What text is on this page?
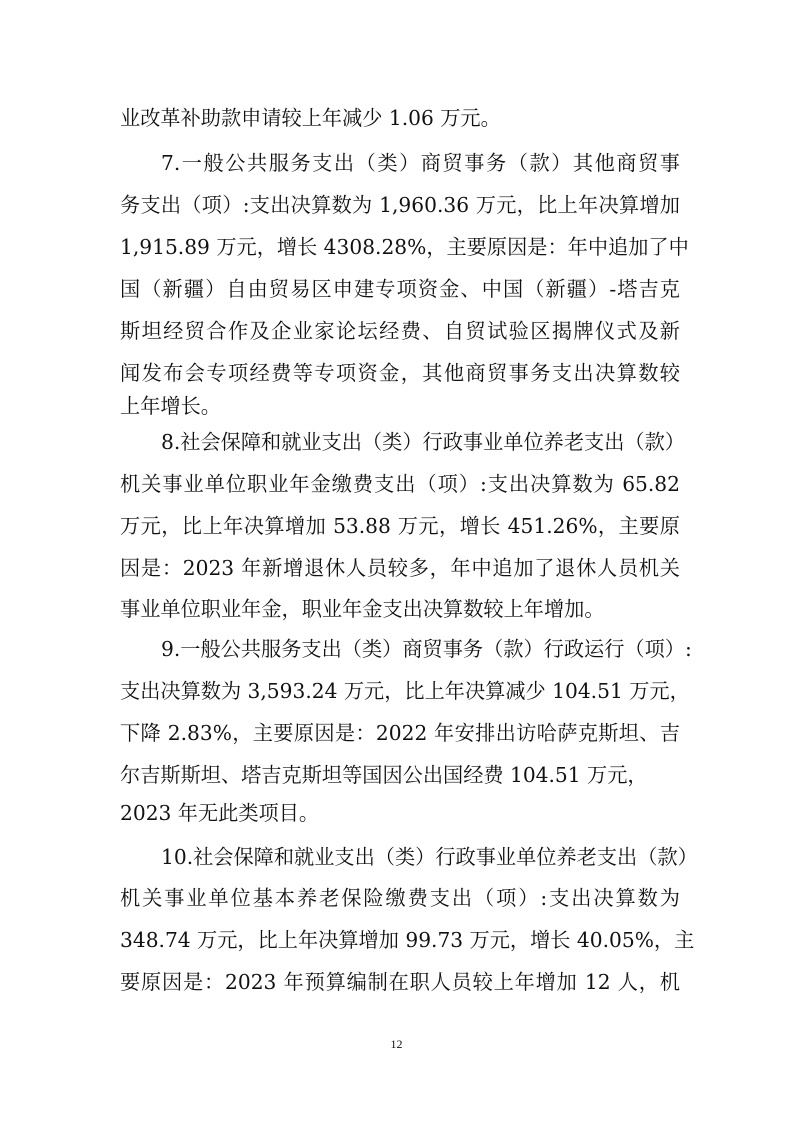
业改革补助款申请较上年减少 1.06 万元。
7.一般公共服务支出（类）商贸事务（款）其他商贸事
务支出（项）:支出决算数为 1,960.36 万元，比上年决算增加
1,915.89 万元，增长 4308.28%，主要原因是：年中追加了中
国（新疆）自由贸易区申建专项资金、中国（新疆）-塔吉克
斯坦经贸合作及企业家论坛经费、自贸试验区揭牌仪式及新
闻发布会专项经费等专项资金，其他商贸事务支出决算数较
上年增长。
8.社会保障和就业支出（类）行政事业单位养老支出（款）
机关事业单位职业年金缴费支出（项）:支出决算数为 65.82
万元，比上年决算增加 53.88 万元，增长 451.26%，主要原
因是：2023 年新增退休人员较多，年中追加了退休人员机关
事业单位职业年金，职业年金支出决算数较上年增加。
9.一般公共服务支出（类）商贸事务（款）行政运行（项）:
支出决算数为 3,593.24 万元，比上年决算减少 104.51 万元，
下降 2.83%，主要原因是：2022 年安排出访哈萨克斯坦、吉
尔吉斯斯坦、塔吉克斯坦等国因公出国经费 104.51 万元，
2023 年无此类项目。
10.社会保障和就业支出（类）行政事业单位养老支出（款）
机关事业单位基本养老保险缴费支出（项）:支出决算数为
348.74 万元，比上年决算增加 99.73 万元，增长 40.05%，主
要原因是：2023 年预算编制在职人员较上年增加 12 人，机
12
